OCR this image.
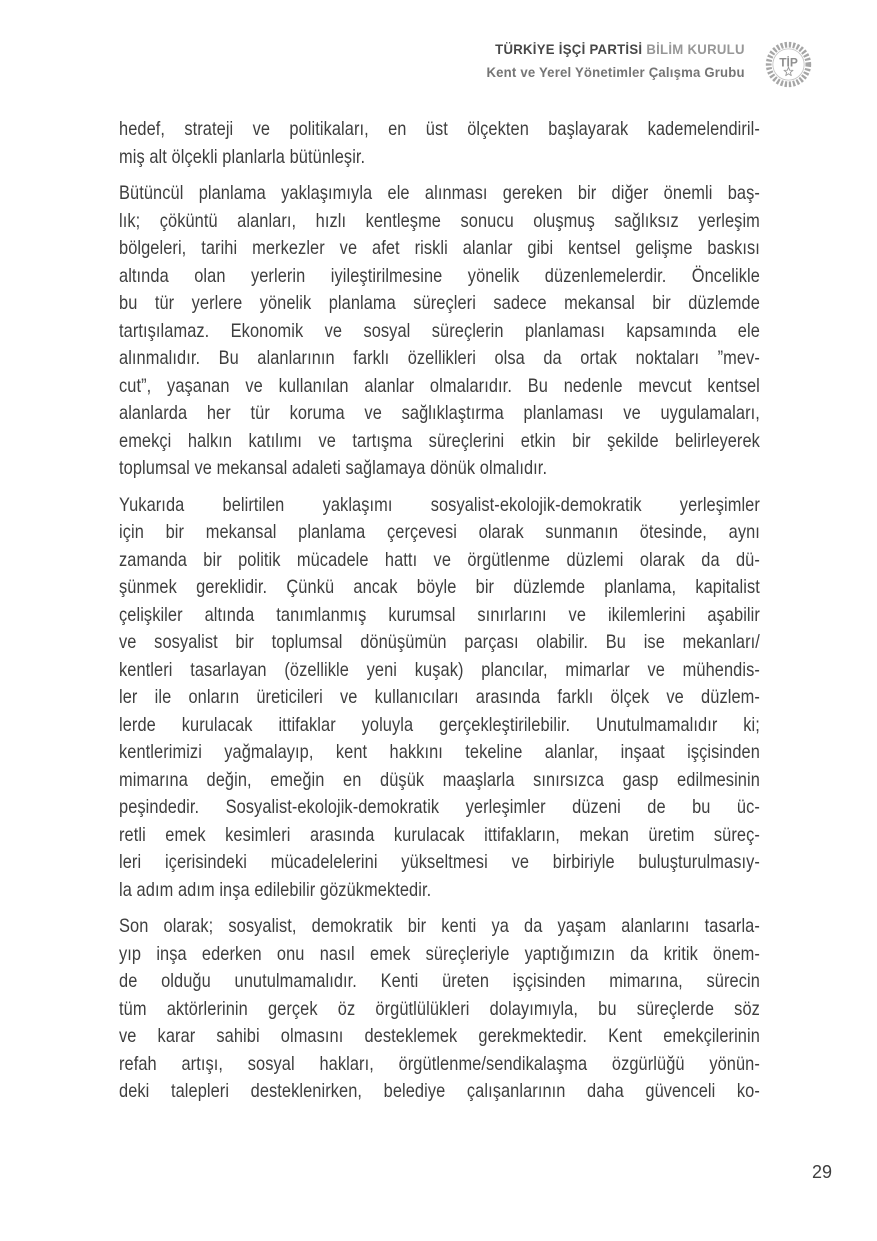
TÜRKİYE İŞÇİ PARTİSİ BİLİM KURULU
Kent ve Yerel Yönetimler Çalışma Grubu
TİP
hedef, strateji ve politikaları, en üst ölçekten başlayarak kademelendiril-
miş alt ölçekli planlarla bütünleşir.
Bütüncül planlama yaklaşımıyla ele alınması gereken bir diğer önemli baş-
lık; çöküntü alanları, hızlı kentleşme sonucu oluşmuş sağlıksız yerleşim
bölgeleri, tarihi merkezler ve afet riskli alanlar gibi kentsel gelişme baskısı
altında olan yerlerin iyileştirilmesine yönelik düzenlemelerdir. Öncelikle
bu tür yerlere yönelik planlama süreçleri sadece mekansal bir düzlemde
tartışılamaz. Ekonomik ve sosyal süreçlerin planlaması kapsamında ele
alınmalıdır. Bu alanlarının farklı özellikleri olsa da ortak noktaları ”mev-
cut”, yaşanan ve kullanılan alanlar olmalarıdır. Bu nedenle mevcut kentsel
alanlarda her tür koruma ve sağlıklaştırma planlaması ve uygulamaları,
emekçi halkın katılımı ve tartışma süreçlerini etkin bir şekilde belirleyerek
toplumsal ve mekansal adaleti sağlamaya dönük olmalıdır.
Yukarıda belirtilen yaklaşımı sosyalist-ekolojik-demokratik yerleşimler
için bir mekansal planlama çerçevesi olarak sunmanın ötesinde, aynı
zamanda bir politik mücadele hattı ve örgütlenme düzlemi olarak da dü-
şünmek gereklidir. Çünkü ancak böyle bir düzlemde planlama, kapitalist
çelişkiler altında tanımlanmış kurumsal sınırlarını ve ikilemlerini aşabilir
ve sosyalist bir toplumsal dönüşümün parçası olabilir. Bu ise mekanları/
kentleri tasarlayan (özellikle yeni kuşak) plancılar, mimarlar ve mühendis-
ler ile onların üreticileri ve kullanıcıları arasında farklı ölçek ve düzlem-
lerde kurulacak ittifaklar yoluyla gerçekleştirilebilir. Unutulmamalıdır ki;
kentlerimizi yağmalayıp, kent hakkını tekeline alanlar, inşaat işçisinden
mimarına değin, emeğin en düşük maaşlarla sınırsızca gasp edilmesinin
peşindedir. Sosyalist-ekolojik-demokratik yerleşimler düzeni de bu üc-
retli emek kesimleri arasında kurulacak ittifakların, mekan üretim süreç-
leri içerisindeki mücadelelerini yükseltmesi ve birbiriyle buluşturulmasıy-
la adım adım inşa edilebilir gözükmektedir.
Son olarak; sosyalist, demokratik bir kenti ya da yaşam alanlarını tasarla-
yıp inşa ederken onu nasıl emek süreçleriyle yaptığımızın da kritik önem-
de olduğu unutulmamalıdır. Kenti üreten işçisinden mimarına, sürecin
tüm aktörlerinin gerçek öz örgütlülükleri dolayımıyla, bu süreçlerde söz
ve karar sahibi olmasını desteklemek gerekmektedir. Kent emekçilerinin
refah artışı, sosyal hakları, örgütlenme/sendikalaşma özgürlüğü yönün-
deki talepleri desteklenirken, belediye çalışanlarının daha güvenceli ko-
29
